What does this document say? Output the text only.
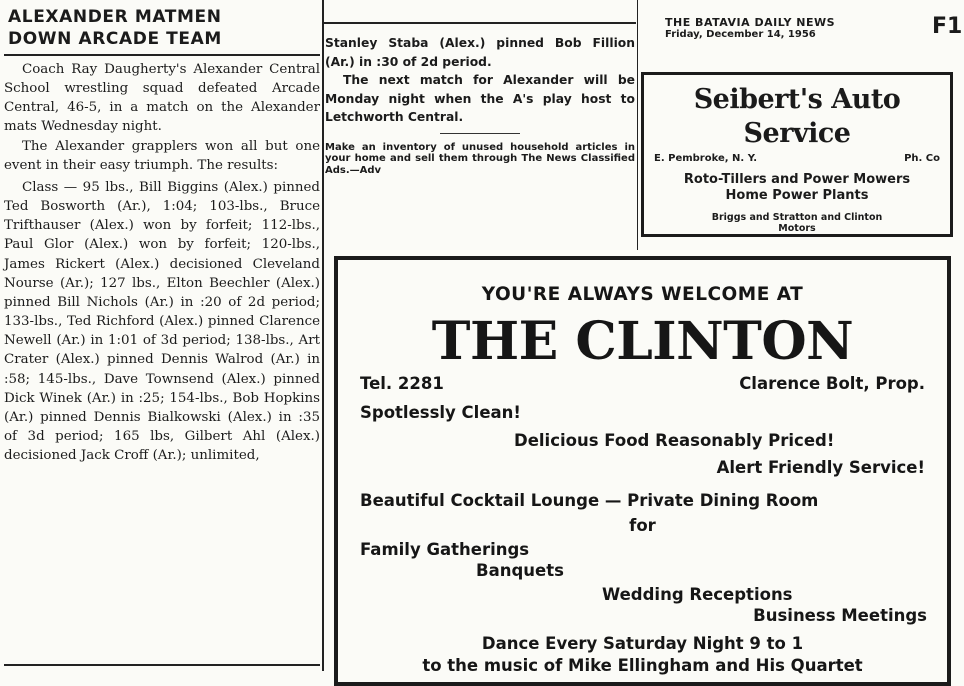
ALEXANDER MATMEN
DOWN ARCADE TEAM

Coach Ray Daugherty's Alexander Central School wrestling squad defeated Arcade Central, 46-5, in a match on the Alexander mats Wednesday night.

The Alexander grapplers won all but one event in their easy triumph. The results:

Class — 95 lbs., Bill Biggins (Alex.) pinned Ted Bosworth (Ar.), 1:04; 103-lbs., Bruce Trifthauser (Alex.) won by forfeit; 112-lbs., Paul Glor (Alex.) won by forfeit; 120-lbs., James Rickert (Alex.) decisioned Cleveland Nourse (Ar.); 127 lbs., Elton Beechler (Alex.) pinned Bill Nichols (Ar.) in :20 of 2d period; 133-lbs., Ted Richford (Alex.) pinned Clarence Newell (Ar.) in 1:01 of 3d period; 138-lbs., Art Crater (Alex.) pinned Dennis Walrod (Ar.) in :58; 145-lbs., Dave Townsend (Alex.) pinned Dick Winek (Ar.) in :25; 154-lbs., Bob Hopkins (Ar.) pinned Dennis Bialkowski (Alex.) in :35 of 3d period; 165 lbs, Gilbert Ahl (Alex.) decisioned Jack Croff (Ar.); unlimited,

Stanley Staba (Alex.) pinned Bob Fillion (Ar.) in :30 of 2d period.

The next match for Alexander will be Monday night when the A's play host to Letchworth Central.

Make an inventory of unused household articles in your home and sell them through The News Classified Ads.—Adv
THE BATAVIA DAILY NEWS
Friday, December 14, 1956	F1
Seibert's Auto Service
E. Pembroke, N. Y.	Ph. Co
Roto-Tillers and Power Mowers
Home Power Plants
Briggs and Stratton and Clinton
Motors
YOU'RE ALWAYS WELCOME AT
THE CLINTON
Tel. 2281	Clarence Bolt, Prop.
Spotlessly Clean!
Delicious Food Reasonably Priced!
Alert Friendly Service!
Beautiful Cocktail Lounge — Private Dining Room
for
Family Gatherings
Banquets
Wedding Receptions
Business Meetings
Dance Every Saturday Night 9 to 1
to the music of Mike Ellingham and His Quartet
